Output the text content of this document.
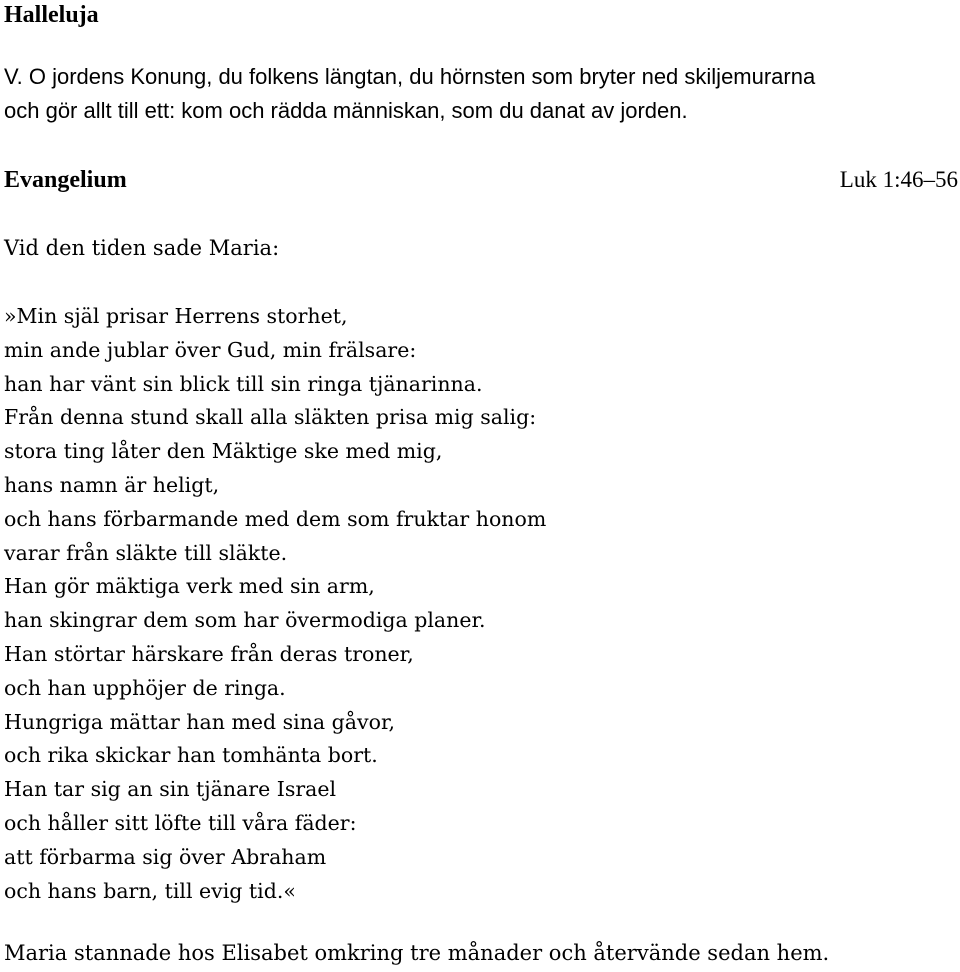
Halleluja
V. O jordens Konung, du folkens längtan, du hörnsten som bryter ned skiljemurarna
och gör allt till ett: kom och rädda människan, som du danat av jorden.
Evangelium	Luk 1:46–56
Vid den tiden sade Maria:
»Min själ prisar Herrens storhet,
min ande jublar över Gud, min frälsare:
han har vänt sin blick till sin ringa tjänarinna.
Från denna stund skall alla släkten prisa mig salig:
stora ting låter den Mäktige ske med mig,
hans namn är heligt,
och hans förbarmande med dem som fruktar honom
varar från släkte till släkte.
Han gör mäktiga verk med sin arm,
han skingrar dem som har övermodiga planer.
Han störtar härskare från deras troner,
och han upphöjer de ringa.
Hungriga mättar han med sina gåvor,
och rika skickar han tomhänta bort.
Han tar sig an sin tjänare Israel
och håller sitt löfte till våra fäder:
att förbarma sig över Abraham
och hans barn, till evig tid.«
Maria stannade hos Elisabet omkring tre månader och återvände sedan hem.
